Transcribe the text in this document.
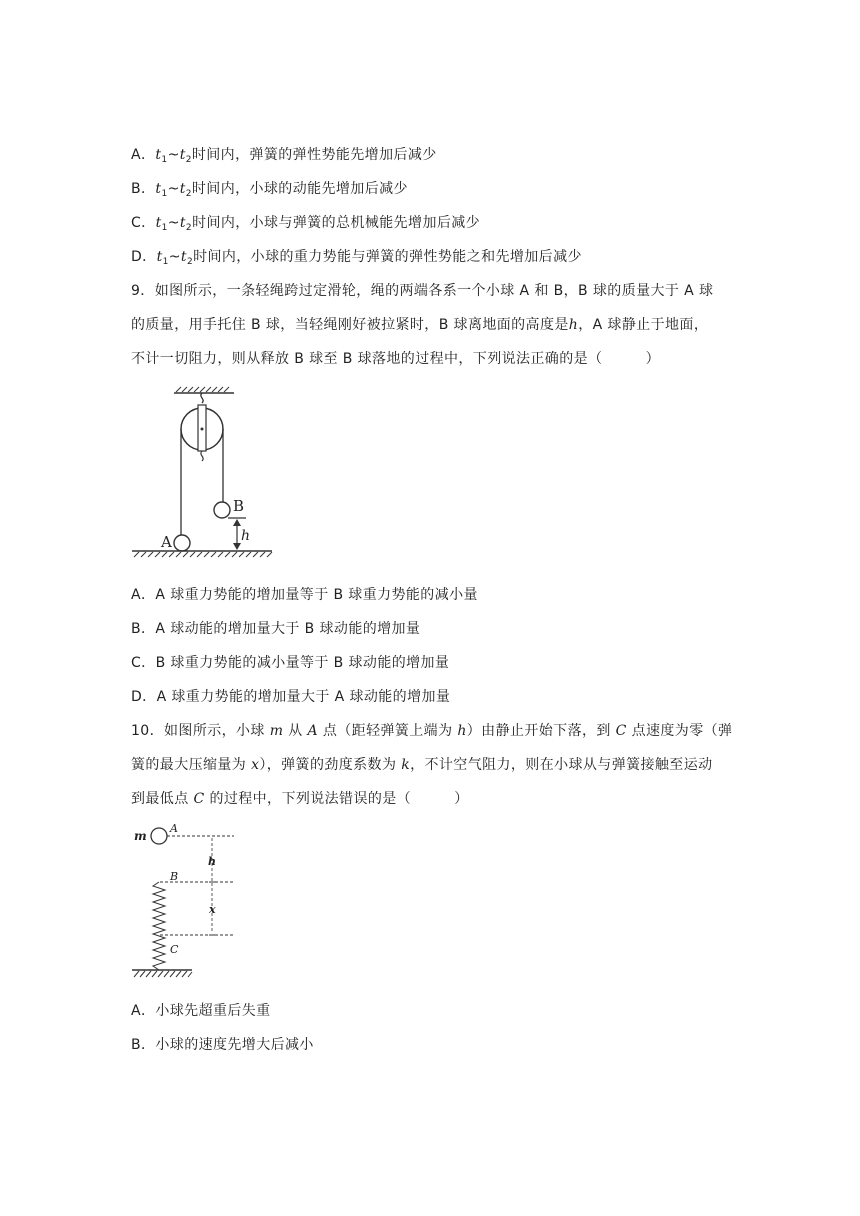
A．$t_1\sim t_2$时间内，弹簧的弹性势能先增加后减少
B．$t_1\sim t_2$时间内，小球的动能先增加后减少
C．$t_1\sim t_2$时间内，小球与弹簧的总机械能先增加后减少
D．$t_1\sim t_2$时间内，小球的重力势能与弹簧的弹性势能之和先增加后减少
9．如图所示，一条轻绳跨过定滑轮，绳的两端各系一个小球 A 和 B，B 球的质量大于 A 球
的质量，用手托住 B 球，当轻绳刚好被拉紧时，B 球离地面的高度是h，A 球静止于地面，
不计一切阻力，则从释放 B 球至 B 球落地的过程中，下列说法正确的是（　　　）
B
h
A
A．A 球重力势能的增加量等于 B 球重力势能的减小量
B．A 球动能的增加量大于 B 球动能的增加量
C．B 球重力势能的减小量等于 B 球动能的增加量
D．A 球重力势能的增加量大于 A 球动能的增加量
10．如图所示，小球 m 从 A 点（距轻弹簧上端为 h）由静止开始下落，到 C 点速度为零（弹
簧的最大压缩量为 x），弹簧的劲度系数为 k，不计空气阻力，则在小球从与弹簧接触至运动
到最低点 C 的过程中，下列说法错误的是（　　　）
m
A
B
C
h
x
A．小球先超重后失重
B．小球的速度先增大后减小
